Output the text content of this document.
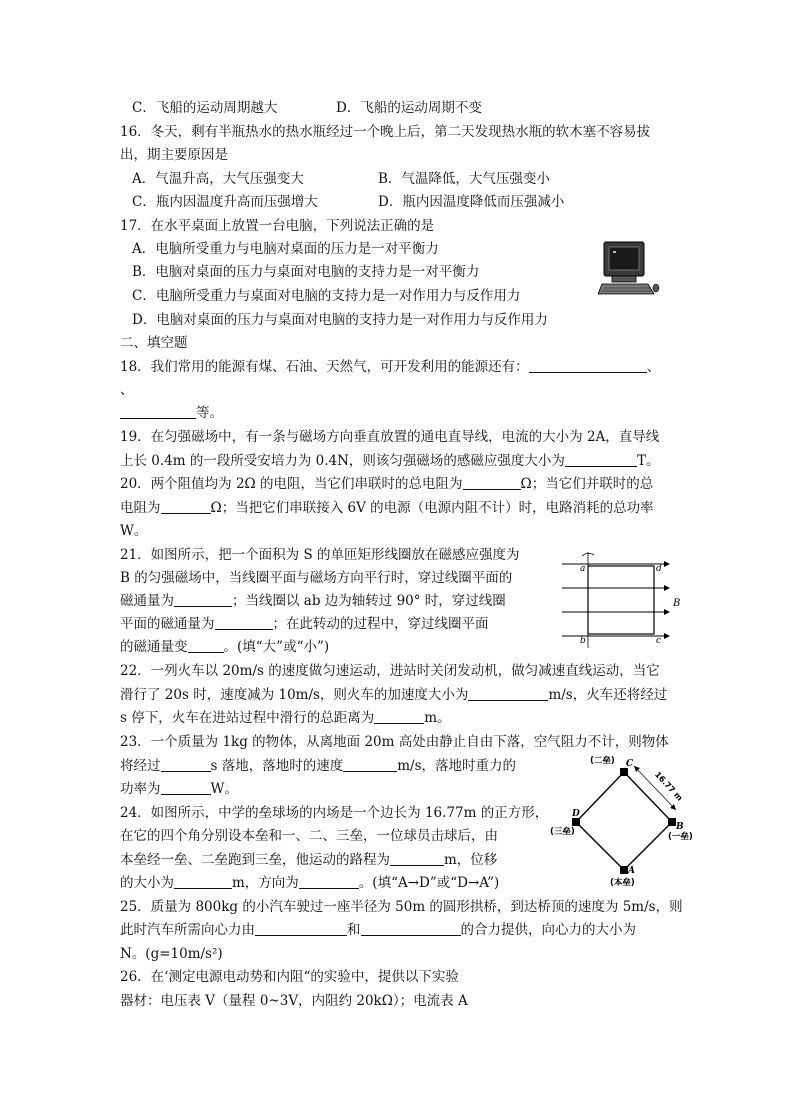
C．飞船的运动周期越大	D．飞船的运动周期不变
16．冬天，剩有半瓶热水的热水瓶经过一个晚上后，第二天发现热水瓶的软木塞不容易拔
出，期主要原因是
A．气温升高，大气压强变大	B．气温降低，大气压强变小
C．瓶内因温度升高而压强增大	D．瓶内因温度降低而压强减小
17．在水平桌面上放置一台电脑，下列说法正确的是
A．电脑所受重力与电脑对桌面的压力是一对平衡力
B．电脑对桌面的压力与桌面对电脑的支持力是一对平衡力
C．电脑所受重力与桌面对电脑的支持力是一对作用力与反作用力
D．电脑对桌面的压力与桌面对电脑的支持力是一对作用力与反作用力
二、填空题
18．我们常用的能源有煤、石油、天然气，可开发利用的能源还有：	、
、
等。
19．在匀强磁场中，有一条与磁场方向垂直放置的通电直导线，电流的大小为 2A，直导线
上长 0.4m 的一段所受安培力为 0.4N，则该匀强磁场的感磁应强度大小为	T。
20．两个阻值均为 2Ω 的电阻，当它们串联时的总电阻为	Ω；当它们并联时的总
电阻为	Ω；当把它们串联接入 6V 的电源（电源内阻不计）时，电路消耗的总功率
W。
21．如图所示，把一个面积为 S 的单匝矩形线圈放在磁感应强度为
B 的匀强磁场中，当线圈平面与磁场方向平行时，穿过线圈平面的
磁通量为	；当线圈以 ab 边为轴转过 90° 时，穿过线圈
平面的磁通量为	；在此转动的过程中，穿过线圈平面
的磁通量变	。(填“大”或“小”)
a	d
b	c
B
22．一列火车以 20m/s 的速度做匀速运动，进站时关闭发动机，做匀减速直线运动，当它
滑行了 20s 时，速度减为 10m/s，则火车的加速度大小为	m/s，火车还将经过
s 停下，火车在进站过程中滑行的总距离为	m。
23．一个质量为 1kg 的物体，从离地面 20m 高处由静止自由下落，空气阻力不计，则物体
将经过	s 落地，落地时的速度	m/s，落地时重力的
功率为	W。
24．如图所示，中学的垒球场的内场是一个边长为 16.77m 的正方形，
在它的四个角分别设本垒和一、二、三垒，一位球员击球后，由
本垒经一垒、二垒跑到三垒，他运动的路程为	m，位移
的大小为	m，方向为	。(填“A→D”或“D→A”)
16.77 m
(二垒) C
D
(三垒)	B
(一垒)
A
(本垒)
25．质量为 800kg 的小汽车驶过一座半径为 50m 的圆形拱桥，到达桥顶的速度为 5m/s，则
此时汽车所需向心力由	和	的合力提供，向心力的大小为
N。(g=10m/s²)
26．在‘测定电源电动势和内阻“的实验中，提供以下实验
器材：电压表 V（量程 0~3V，内阻约 20kΩ）；电流表 A
